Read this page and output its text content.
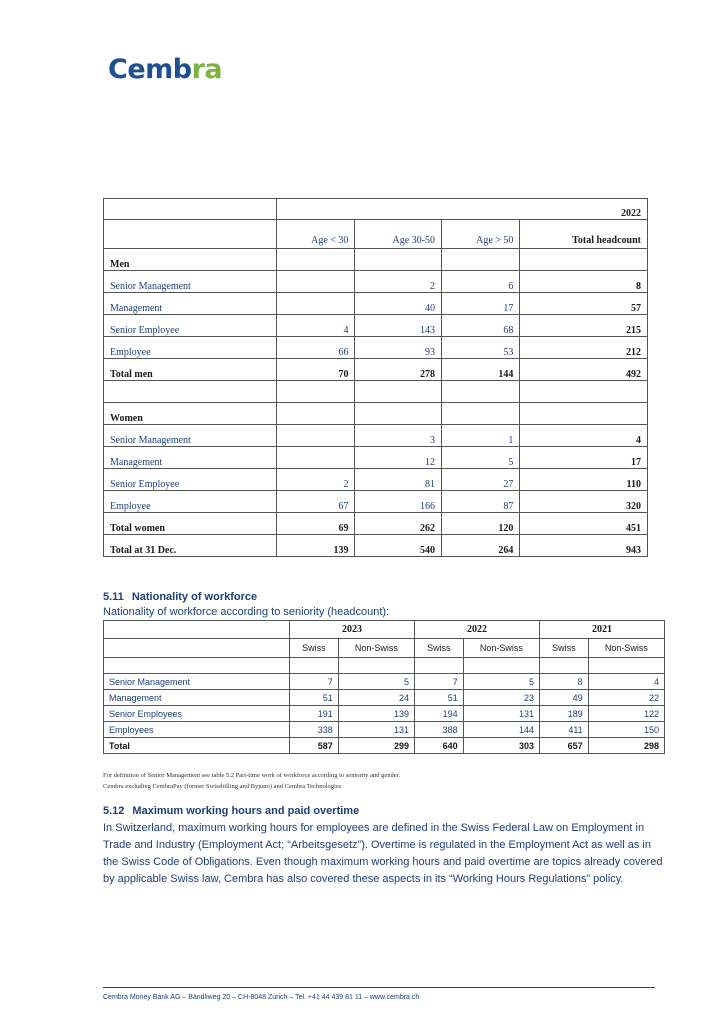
Cembra
	2022			
	Age < 30	Age 30-50	Age > 50	Total headcount
Men				
Senior Management		2	6	8
Management		40	17	57
Senior Employee	4	143	68	215
Employee	66	93	53	212
Total men	70	278	144	492

Women				
Senior Management		3	1	4
Management		12	5	17
Senior Employee	2	81	27	110
Employee	67	166	87	320
Total women	69	262	120	451
Total at 31 Dec.	139	540	264	943
5.11 Nationality of workforce
Nationality of workforce according to seniority (headcount):
	2023		2022		2021	
	Swiss	Non-Swiss	Swiss	Non-Swiss	Swiss	Non-Swiss

Senior Management	7	5	7	5	8	4
Management	51	24	51	23	49	22
Senior Employees	191	139	194	131	189	122
Employees	338	131	388	144	411	150
Total	587	299	640	303	657	298
For definition of Senior Management see table 5.2 Part-time work of workforce according to seniority and gender.
Cembra excluding CembraPay (former Swissbilling and Byjuno) and Cembra Technologies
5.12 Maximum working hours and paid overtime

In Switzerland, maximum working hours for employees are defined in the Swiss Federal Law on Employment in Trade and Industry (Employment Act; “Arbeitsgesetz”). Overtime is regulated in the Employment Act as well as in the Swiss Code of Obligations. Even though maximum working hours and paid overtime are topics already covered by applicable Swiss law, Cembra has also covered these aspects in its “Working Hours Regulations” policy.

Cembra Money Bank AG – Bändliweg 20 – CH-8048 Zurich – Tel. +41 44 439 81 11 – www.cembra.ch
